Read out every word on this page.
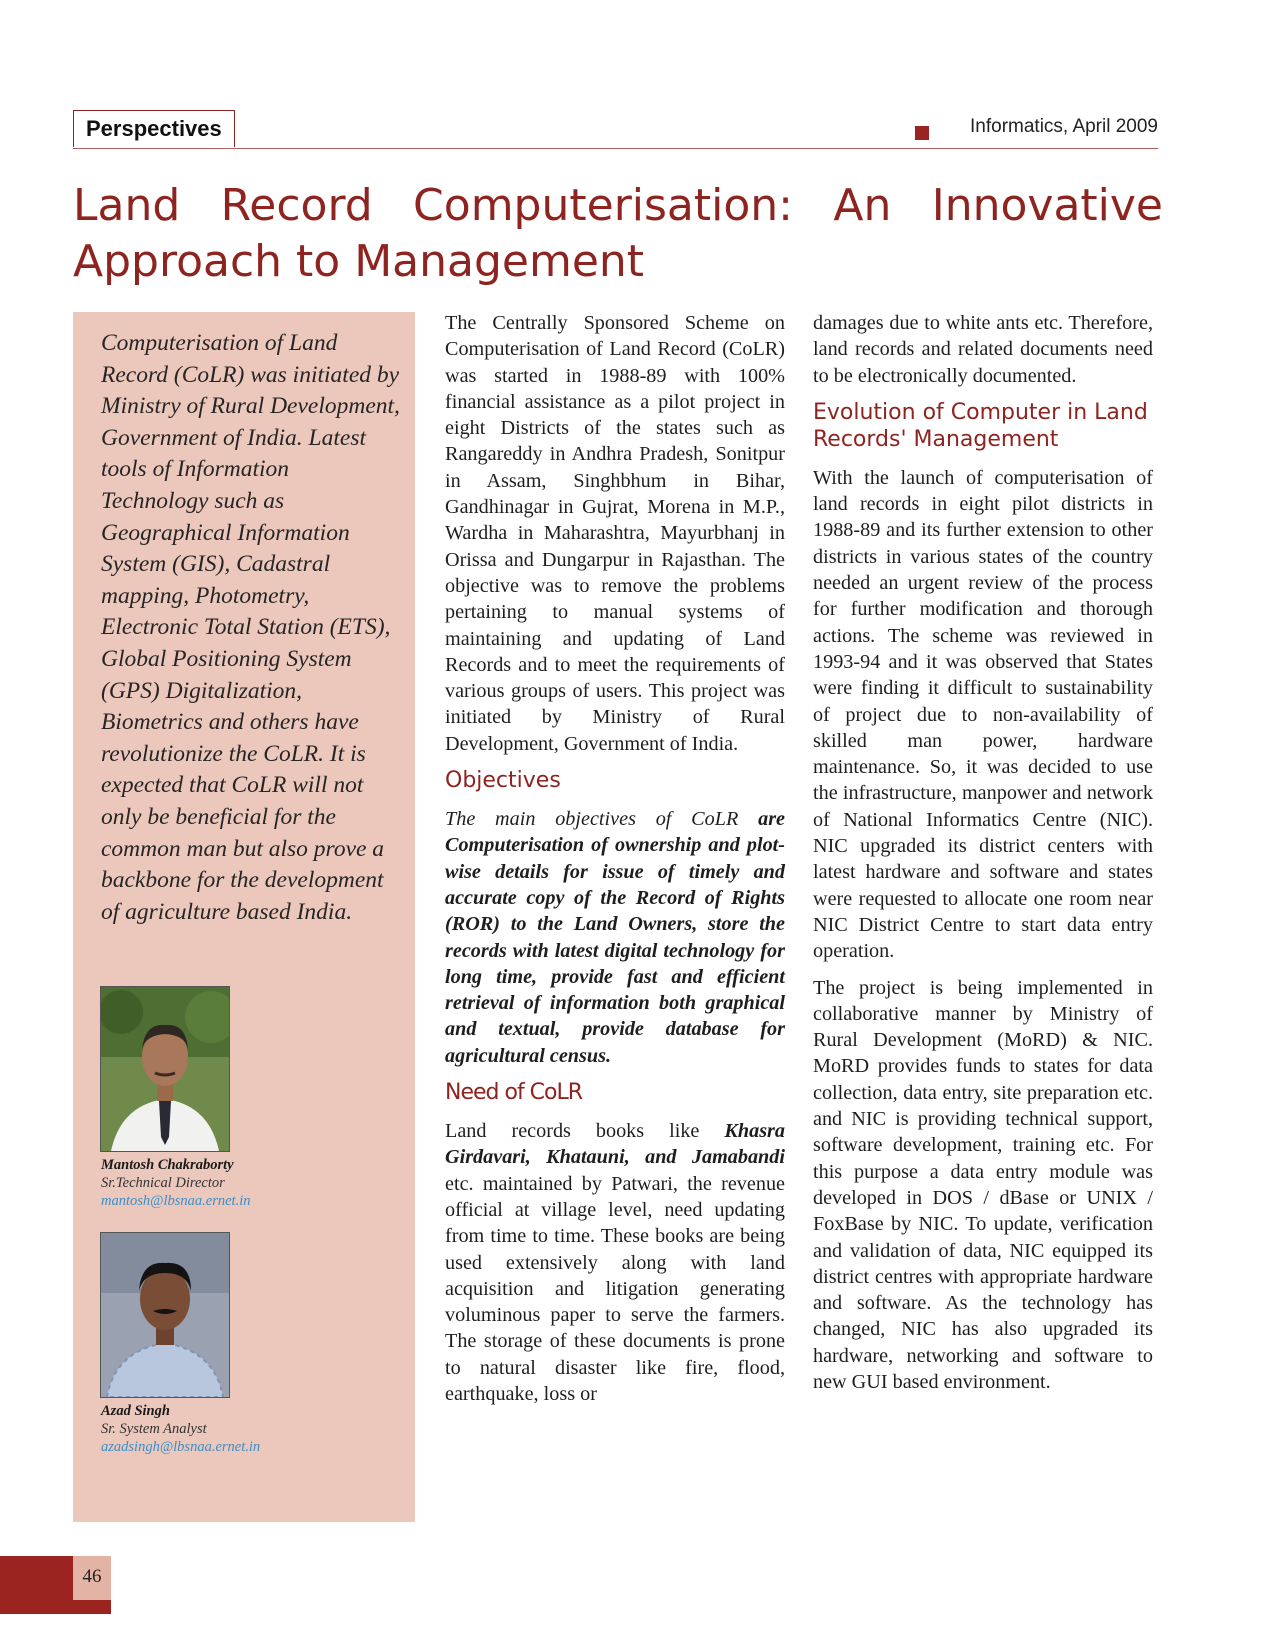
Perspectives	Informatics, April 2009
Land Record Computerisation: An Innovative Approach to Management

Computerisation of Land Record (CoLR) was initiated by Ministry of Rural Development, Government of India. Latest tools of Information Technology such as Geographical Information System (GIS), Cadastral mapping, Photometry, Electronic Total Station (ETS), Global Positioning System (GPS) Digitalization, Biometrics and others have revolutionize the CoLR. It is expected that CoLR will not only be beneficial for the common man but also prove a backbone for the development of agriculture based India.

Mantosh Chakraborty
Sr.Technical Director
mantosh@lbsnaa.ernet.in
Azad Singh
Sr. System Analyst
azadsingh@lbsnaa.ernet.in

The Centrally Sponsored Scheme on Computerisation of Land Record (CoLR) was started in 1988-89 with 100% financial assistance as a pilot project in eight Districts of the states such as Rangareddy in Andhra Pradesh, Sonitpur in Assam, Singhbhum in Bihar, Gandhinagar in Gujrat, Morena in M.P., Wardha in Maharashtra, Mayurbhanj in Orissa and Dungarpur in Rajasthan. The objective was to remove the problems pertaining to manual systems of maintaining and updating of Land Records and to meet the requirements of various groups of users. This project was initiated by Ministry of Rural Development, Government of India.

Objectives

The main objectives of CoLR are Computerisation of ownership and plot-wise details for issue of timely and accurate copy of the Record of Rights (ROR) to the Land Owners, store the records with latest digital technology for long time, provide fast and efficient retrieval of information both graphical and textual, provide database for agricultural census.

Need of CoLR

Land records books like Khasra Girdavari, Khatauni, and Jamabandi etc. maintained by Patwari, the revenue official at village level, need updating from time to time. These books are being used extensively along with land acquisition and litigation generating voluminous paper to serve the farmers. The storage of these documents is prone to natural disaster like fire, flood, earthquake, loss or

damages due to white ants etc. Therefore, land records and related documents need to be electronically documented.

Evolution of Computer in Land Records' Management

With the launch of computerisation of land records in eight pilot districts in 1988-89 and its further extension to other districts in various states of the country needed an urgent review of the process for further modification and thorough actions. The scheme was reviewed in 1993-94 and it was observed that States were finding it difficult to sustainability of project due to non-availability of skilled man power, hardware maintenance. So, it was decided to use the infrastructure, manpower and network of National Informatics Centre (NIC). NIC upgraded its district centers with latest hardware and software and states were requested to allocate one room near NIC District Centre to start data entry operation.

The project is being implemented in collaborative manner by Ministry of Rural Development (MoRD) & NIC. MoRD provides funds to states for data collection, data entry, site preparation etc. and NIC is providing technical support, software development, training etc. For this purpose a data entry module was developed in DOS / dBase or UNIX / FoxBase by NIC. To update, verification and validation of data, NIC equipped its district centres with appropriate hardware and software. As the technology has changed, NIC has also upgraded its hardware, networking and software to new GUI based environment.

46
